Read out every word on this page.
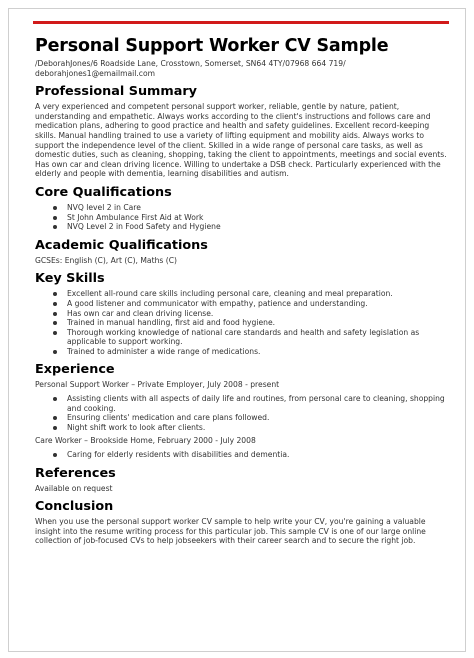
Personal Support Worker CV Sample
/DeborahJones/6 Roadside Lane, Crosstown, Somerset, SN64 4TY/07968 664 719/ deborahjones1@emailmail.com
Professional Summary
A very experienced and competent personal support worker, reliable, gentle by nature, patient, understanding and empathetic. Always works according to the client's instructions and follows care and medication plans, adhering to good practice and health and safety guidelines. Excellent record-keeping skills. Manual handling trained to use a variety of lifting equipment and mobility aids. Always works to support the independence level of the client. Skilled in a wide range of personal care tasks, as well as domestic duties, such as cleaning, shopping, taking the client to appointments, meetings and social events. Has own car and clean driving licence. Willing to undertake a DSB check. Particularly experienced with the elderly and people with dementia, learning disabilities and autism.
Core Qualifications
NVQ level 2 in Care
St John Ambulance First Aid at Work
NVQ Level 2 in Food Safety and Hygiene
Academic Qualifications
GCSEs: English (C), Art (C), Maths (C)
Key Skills
Excellent all-round care skills including personal care, cleaning and meal preparation.
A good listener and communicator with empathy, patience and understanding.
Has own car and clean driving license.
Trained in manual handling, first aid and food hygiene.
Thorough working knowledge of national care standards and health and safety legislation as applicable to support working.
Trained to administer a wide range of medications.
Experience
Personal Support Worker – Private Employer, July 2008 - present
Assisting clients with all aspects of daily life and routines, from personal care to cleaning, shopping and cooking.
Ensuring clients' medication and care plans followed.
Night shift work to look after clients.
Care Worker – Brookside Home, February 2000 - July 2008
Caring for elderly residents with disabilities and dementia.
References
Available on request
Conclusion
When you use the personal support worker CV sample to help write your CV, you're gaining a valuable insight into the resume writing process for this particular job. This sample CV is one of our large online collection of job-focused CVs to help jobseekers with their career search and to secure the right job.
